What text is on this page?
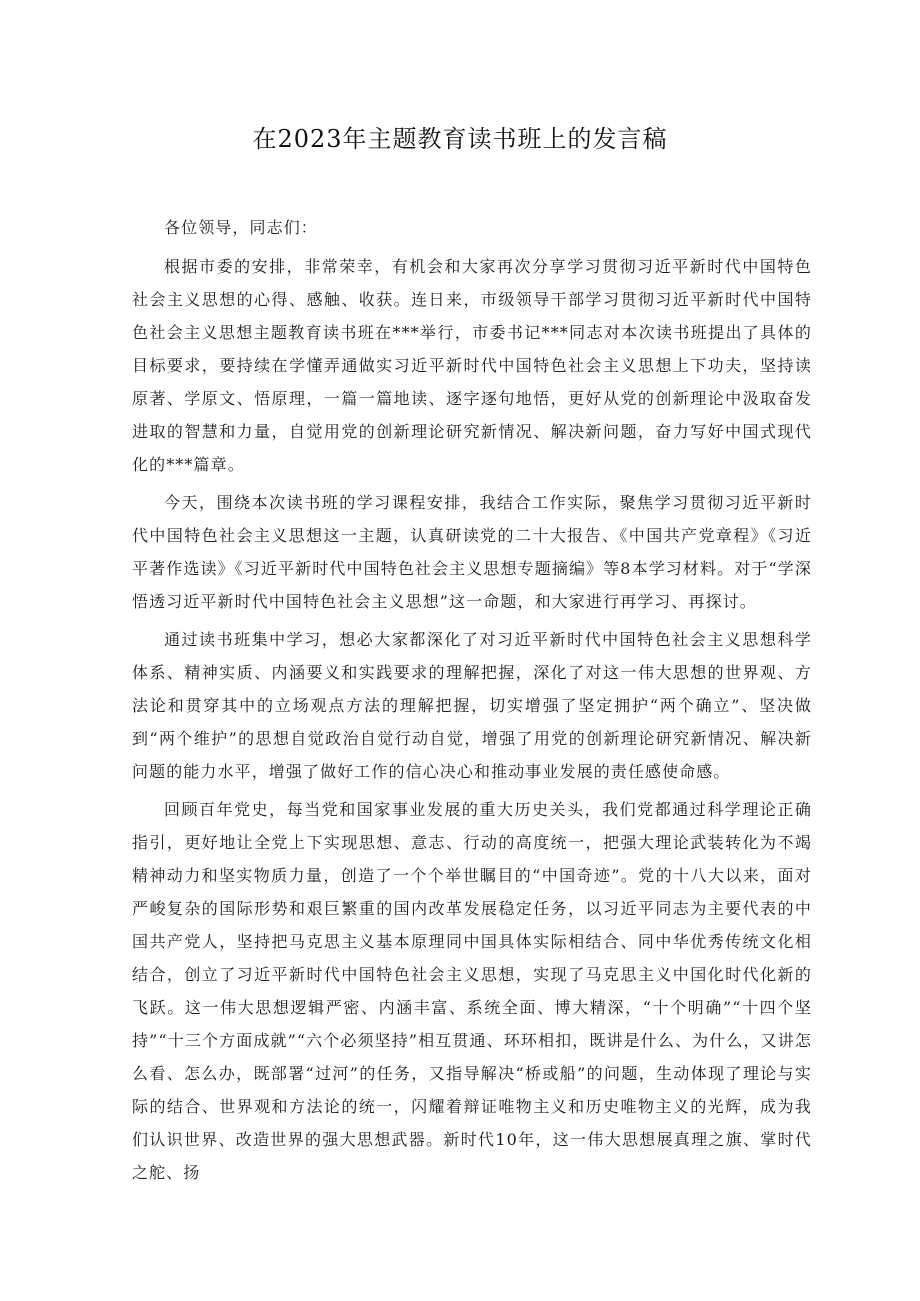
在2023年主题教育读书班上的发言稿

各位领导，同志们：

根据市委的安排，非常荣幸，有机会和大家再次分享学习贯彻习近平新时代中国特色社会主义思想的心得、感触、收获。连日来，市级领导干部学习贯彻习近平新时代中国特色社会主义思想主题教育读书班在***举行，市委书记***同志对本次读书班提出了具体的目标要求，要持续在学懂弄通做实习近平新时代中国特色社会主义思想上下功夫，坚持读原著、学原文、悟原理，一篇一篇地读、逐字逐句地悟，更好从党的创新理论中汲取奋发进取的智慧和力量，自觉用党的创新理论研究新情况、解决新问题，奋力写好中国式现代化的***篇章。

今天，围绕本次读书班的学习课程安排，我结合工作实际，聚焦学习贯彻习近平新时代中国特色社会主义思想这一主题，认真研读党的二十大报告、《中国共产党章程》《习近平著作选读》《习近平新时代中国特色社会主义思想专题摘编》等8本学习材料。对于“学深悟透习近平新时代中国特色社会主义思想”这一命题，和大家进行再学习、再探讨。

通过读书班集中学习，想必大家都深化了对习近平新时代中国特色社会主义思想科学体系、精神实质、内涵要义和实践要求的理解把握，深化了对这一伟大思想的世界观、方法论和贯穿其中的立场观点方法的理解把握，切实增强了坚定拥护“两个确立”、坚决做到“两个维护”的思想自觉政治自觉行动自觉，增强了用党的创新理论研究新情况、解决新问题的能力水平，增强了做好工作的信心决心和推动事业发展的责任感使命感。

回顾百年党史，每当党和国家事业发展的重大历史关头，我们党都通过科学理论正确指引，更好地让全党上下实现思想、意志、行动的高度统一，把强大理论武装转化为不竭精神动力和坚实物质力量，创造了一个个举世瞩目的“中国奇迹”。党的十八大以来，面对严峻复杂的国际形势和艰巨繁重的国内改革发展稳定任务，以习近平同志为主要代表的中国共产党人，坚持把马克思主义基本原理同中国具体实际相结合、同中华优秀传统文化相结合，创立了习近平新时代中国特色社会主义思想，实现了马克思主义中国化时代化新的飞跃。这一伟大思想逻辑严密、内涵丰富、系统全面、博大精深，“十个明确”“十四个坚持”“十三个方面成就”“六个必须坚持”相互贯通、环环相扣，既讲是什么、为什么，又讲怎么看、怎么办，既部署“过河”的任务，又指导解决“桥或船”的问题，生动体现了理论与实际的结合、世界观和方法论的统一，闪耀着辩证唯物主义和历史唯物主义的光辉，成为我们认识世界、改造世界的强大思想武器。新时代10年，这一伟大思想展真理之旗、掌时代之舵、扬
